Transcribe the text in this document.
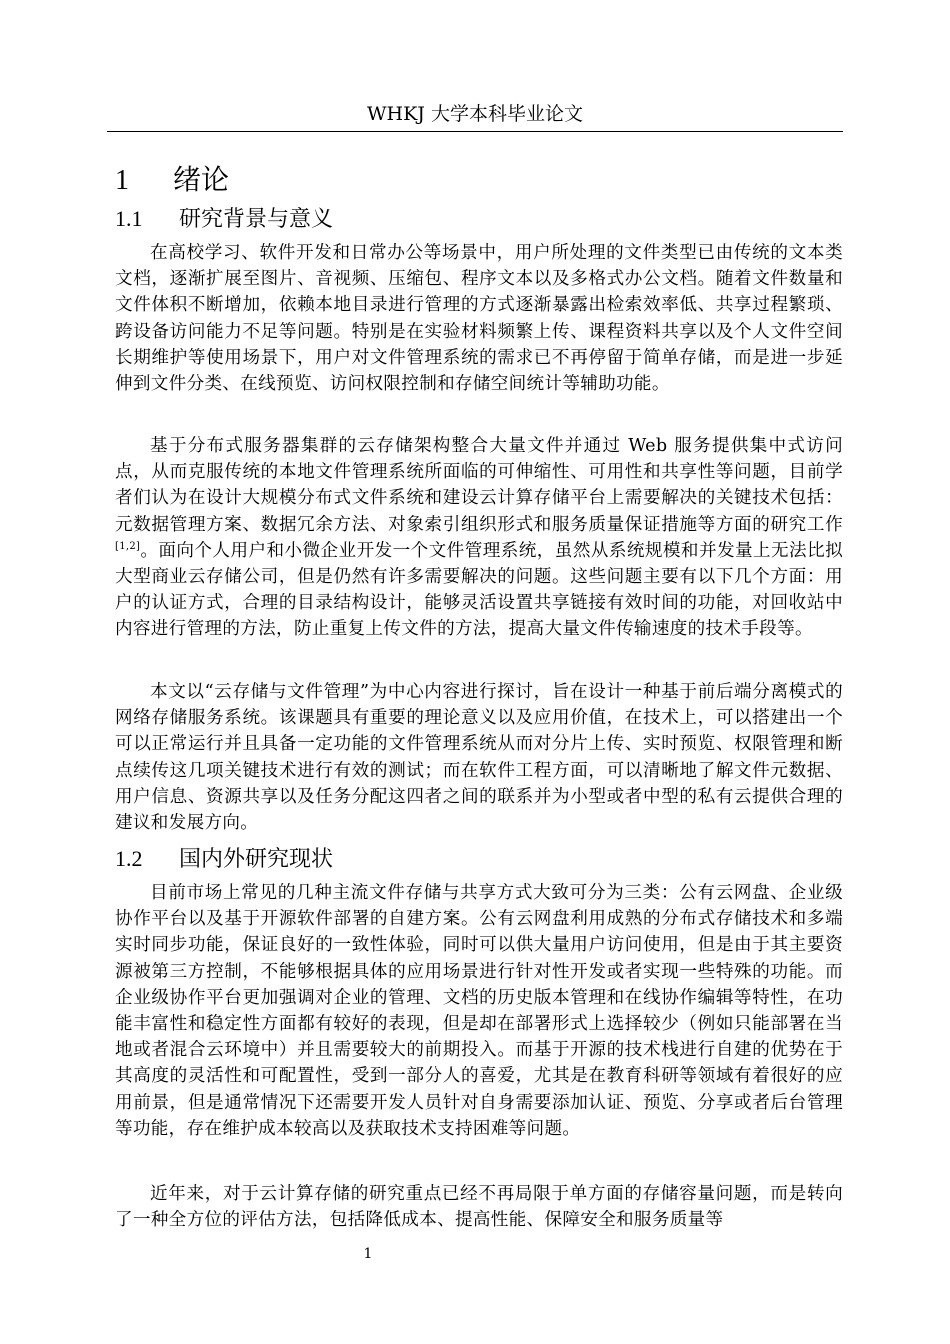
WHKJ 大学本科毕业论文
1 绪论
1.1 研究背景与意义

在高校学习、软件开发和日常办公等场景中，用户所处理的文件类型已由传统的文本类文档，逐渐扩展至图片、音视频、压缩包、程序文本以及多格式办公文档。随着文件数量和文件体积不断增加，依赖本地目录进行管理的方式逐渐暴露出检索效率低、共享过程繁琐、跨设备访问能力不足等问题。特别是在实验材料频繁上传、课程资料共享以及个人文件空间长期维护等使用场景下，用户对文件管理系统的需求已不再停留于简单存储，而是进一步延伸到文件分类、在线预览、访问权限控制和存储空间统计等辅助功能。

基于分布式服务器集群的云存储架构整合大量文件并通过 Web 服务提供集中式访问点，从而克服传统的本地文件管理系统所面临的可伸缩性、可用性和共享性等问题，目前学者们认为在设计大规模分布式文件系统和建设云计算存储平台上需要解决的关键技术包括：元数据管理方案、数据冗余方法、对象索引组织形式和服务质量保证措施等方面的研究工作 [1,2]。面向个人用户和小微企业开发一个文件管理系统，虽然从系统规模和并发量上无法比拟大型商业云存储公司，但是仍然有许多需要解决的问题。这些问题主要有以下几个方面：用户的认证方式，合理的目录结构设计，能够灵活设置共享链接有效时间的功能，对回收站中内容进行管理的方法，防止重复上传文件的方法，提高大量文件传输速度的技术手段等。

本文以“云存储与文件管理”为中心内容进行探讨，旨在设计一种基于前后端分离模式的网络存储服务系统。该课题具有重要的理论意义以及应用价值，在技术上，可以搭建出一个可以正常运行并且具备一定功能的文件管理系统从而对分片上传、实时预览、权限管理和断点续传这几项关键技术进行有效的测试；而在软件工程方面，可以清晰地了解文件元数据、用户信息、资源共享以及任务分配这四者之间的联系并为小型或者中型的私有云提供合理的建议和发展方向。

1.2 国内外研究现状

目前市场上常见的几种主流文件存储与共享方式大致可分为三类：公有云网盘、企业级协作平台以及基于开源软件部署的自建方案。公有云网盘利用成熟的分布式存储技术和多端实时同步功能，保证良好的一致性体验，同时可以供大量用户访问使用，但是由于其主要资源被第三方控制，不能够根据具体的应用场景进行针对性开发或者实现一些特殊的功能。而企业级协作平台更加强调对企业的管理、文档的历史版本管理和在线协作编辑等特性，在功能丰富性和稳定性方面都有较好的表现，但是却在部署形式上选择较少（例如只能部署在当地或者混合云环境中）并且需要较大的前期投入。而基于开源的技术栈进行自建的优势在于其高度的灵活性和可配置性，受到一部分人的喜爱，尤其是在教育科研等领域有着很好的应用前景，但是通常情况下还需要开发人员针对自身需要添加认证、预览、分享或者后台管理等功能，存在维护成本较高以及获取技术支持困难等问题。

近年来，对于云计算存储的研究重点已经不再局限于单方面的存储容量问题，而是转向了一种全方位的评估方法，包括降低成本、提高性能、保障安全和服务质量等

1
